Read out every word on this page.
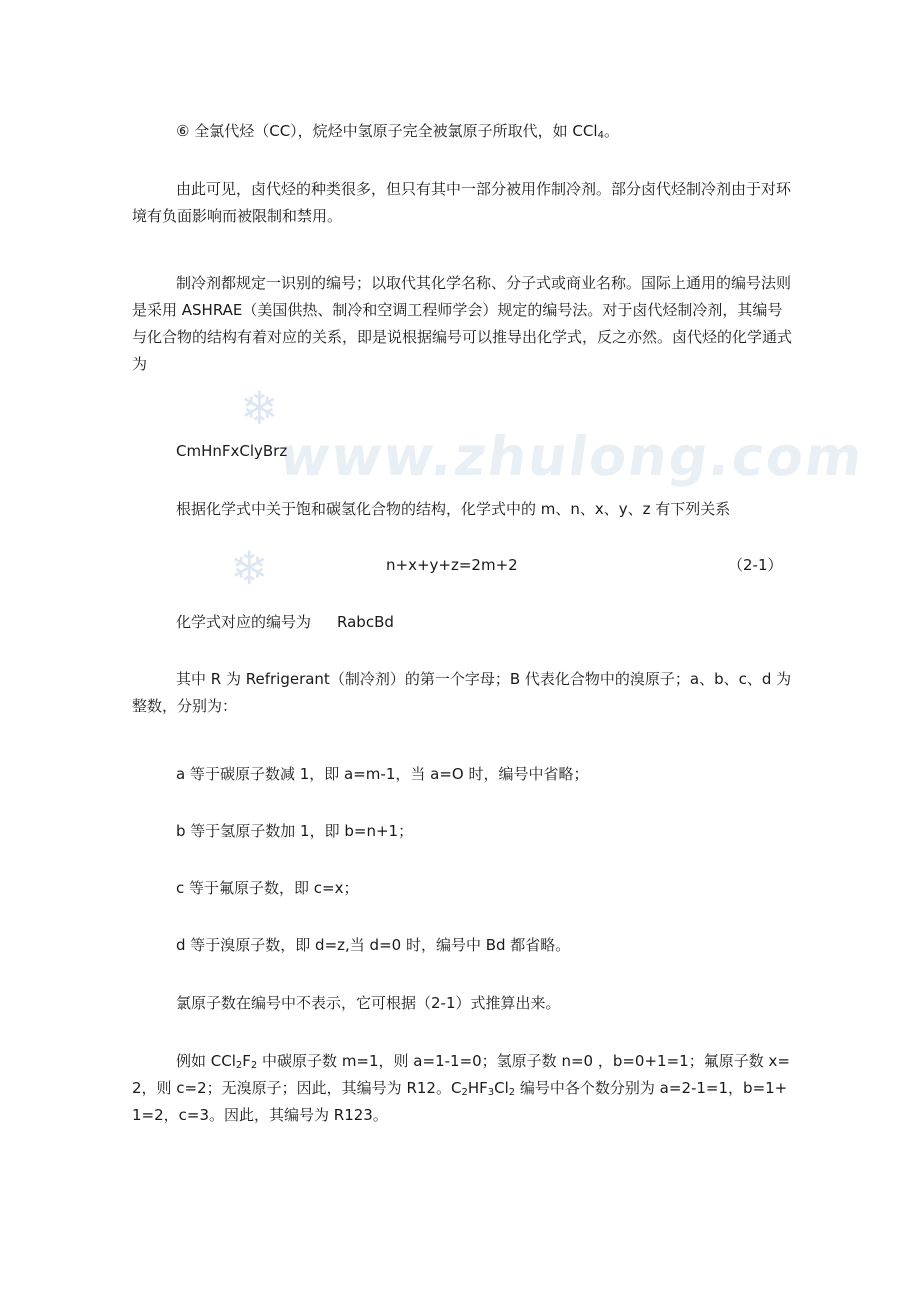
❄
❄
www.zhulong.com

⑥ 全氯代烃（CC），烷烃中氢原子完全被氯原子所取代，如 CCl$_4$。

由此可见，卤代烃的种类很多，但只有其中一部分被用作制冷剂。部分卤代烃制冷剂由于对环境有负面影响而被限制和禁用。

制冷剂都规定一识别的编号；以取代其化学名称、分子式或商业名称。国际上通用的编号法则是采用 ASHRAE（美国供热、制冷和空调工程师学会）规定的编号法。对于卤代烃制冷剂，其编号与化合物的结构有着对应的关系，即是说根据编号可以推导出化学式，反之亦然。卤代烃的化学通式为

CmHnFxClyBrz

根据化学式中关于饱和碳氢化合物的结构，化学式中的 m、n、x、y、z 有下列关系

n+x+y+z=2m+2	（2-1）

化学式对应的编号为 RabcBd

其中 R 为 Refrigerant（制冷剂）的第一个字母；B 代表化合物中的溴原子；a、b、c、d 为整数，分别为：

a 等于碳原子数减 1，即 a=m-1，当 a=O 时，编号中省略；

b 等于氢原子数加 1，即 b=n+1；

c 等于氟原子数，即 c=x；

d 等于溴原子数，即 d=z,当 d=0 时，编号中 Bd 都省略。

氯原子数在编号中不表示，它可根据（2-1）式推算出来。

例如 $CCl_2F_2$ 中碳原子数 m=1，则 a=1-1=0；氢原子数 n=0 ，b=0+1=1；氟原子数 x=2，则 c=2；无溴原子；因此，其编号为 R12。$C_2HF_3Cl_2$ 编号中各个数分别为 a=2-1=1，b=1+1=2，c=3。因此，其编号为 R123。
